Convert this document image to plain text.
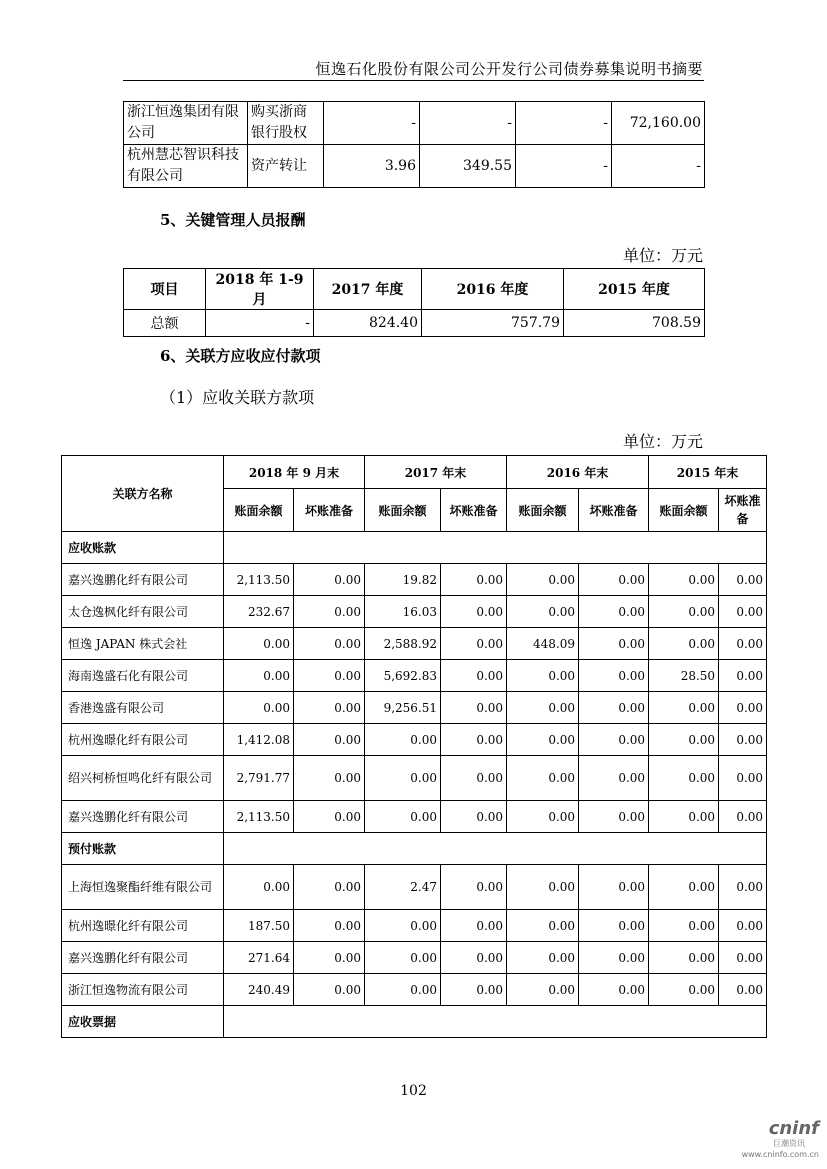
恒逸石化股份有限公司公开发行公司债券募集说明书摘要
浙江恒逸集团有限公司	购买浙商银行股权	-	-	-	72,160.00
杭州慧芯智识科技有限公司	资产转让	3.96	349.55	-	-
5、关键管理人员报酬
单位：万元
项目	2018 年 1-9 月	2017 年度	2016 年度	2015 年度
总额	-	824.40	757.79	708.59
6、关联方应收应付款项
（1）应收关联方款项
单位：万元
关联方名称	2018 年 9 月末		2017 年末		2016 年末		2015 年末	
	账面余额	坏账准备	账面余额	坏账准备	账面余额	坏账准备	账面余额	坏账准备
应收账款								
嘉兴逸鹏化纤有限公司	2,113.50	0.00	19.82	0.00	0.00	0.00	0.00	0.00
太仓逸枫化纤有限公司	232.67	0.00	16.03	0.00	0.00	0.00	0.00	0.00
恒逸 JAPAN 株式会社	0.00	0.00	2,588.92	0.00	448.09	0.00	0.00	0.00
海南逸盛石化有限公司	0.00	0.00	5,692.83	0.00	0.00	0.00	28.50	0.00
香港逸盛有限公司	0.00	0.00	9,256.51	0.00	0.00	0.00	0.00	0.00
杭州逸暻化纤有限公司	1,412.08	0.00	0.00	0.00	0.00	0.00	0.00	0.00
绍兴柯桥恒鸣化纤有限公司	2,791.77	0.00	0.00	0.00	0.00	0.00	0.00	0.00
嘉兴逸鹏化纤有限公司	2,113.50	0.00	0.00	0.00	0.00	0.00	0.00	0.00
预付账款								
上海恒逸聚酯纤维有限公司	0.00	0.00	2.47	0.00	0.00	0.00	0.00	0.00
杭州逸暻化纤有限公司	187.50	0.00	0.00	0.00	0.00	0.00	0.00	0.00
嘉兴逸鹏化纤有限公司	271.64	0.00	0.00	0.00	0.00	0.00	0.00	0.00
浙江恒逸物流有限公司	240.49	0.00	0.00	0.00	0.00	0.00	0.00	0.00
应收票据								
102
cninf
巨潮资讯
www.cninfo.com.cn
